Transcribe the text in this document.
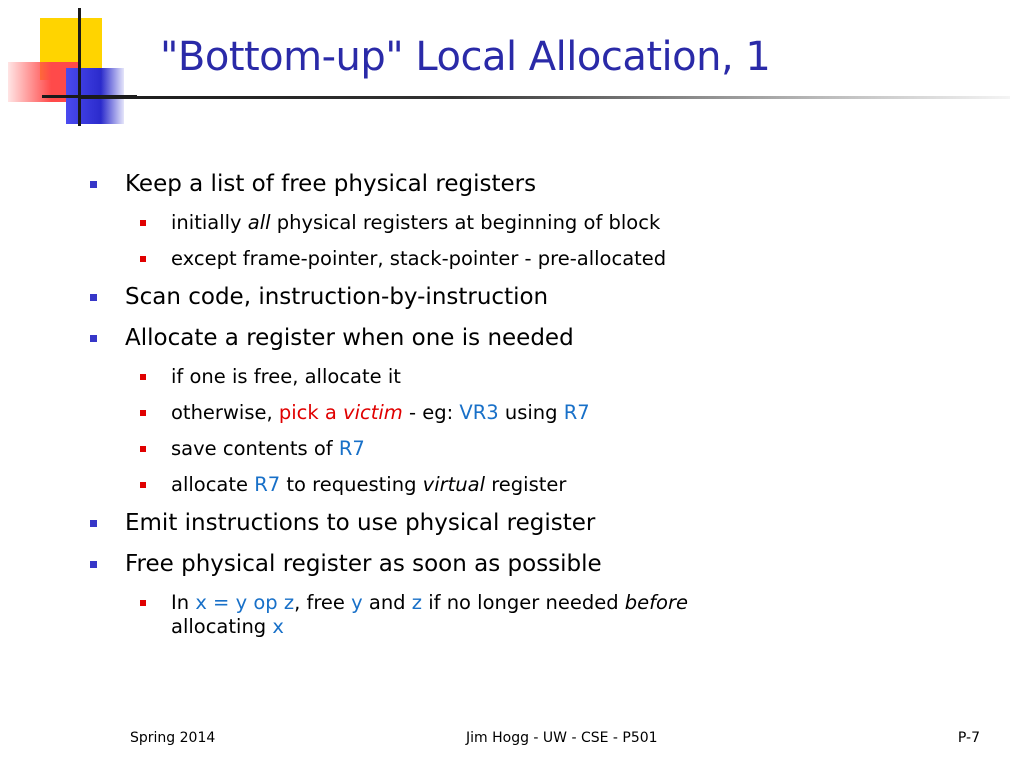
"Bottom-up" Local Allocation, 1
Keep a list of free physical registers
initially all physical registers at beginning of block
except frame-pointer, stack-pointer - pre-allocated
Scan code, instruction-by-instruction
Allocate a register when one is needed
if one is free, allocate it
otherwise, pick a victim - eg: VR3 using R7
save contents of R7
allocate R7 to requesting virtual register
Emit instructions to use physical register
Free physical register as soon as possible
In x = y op z, free y and z if no longer needed before
allocating x
Spring 2014	Jim Hogg - UW - CSE - P501	P-7
